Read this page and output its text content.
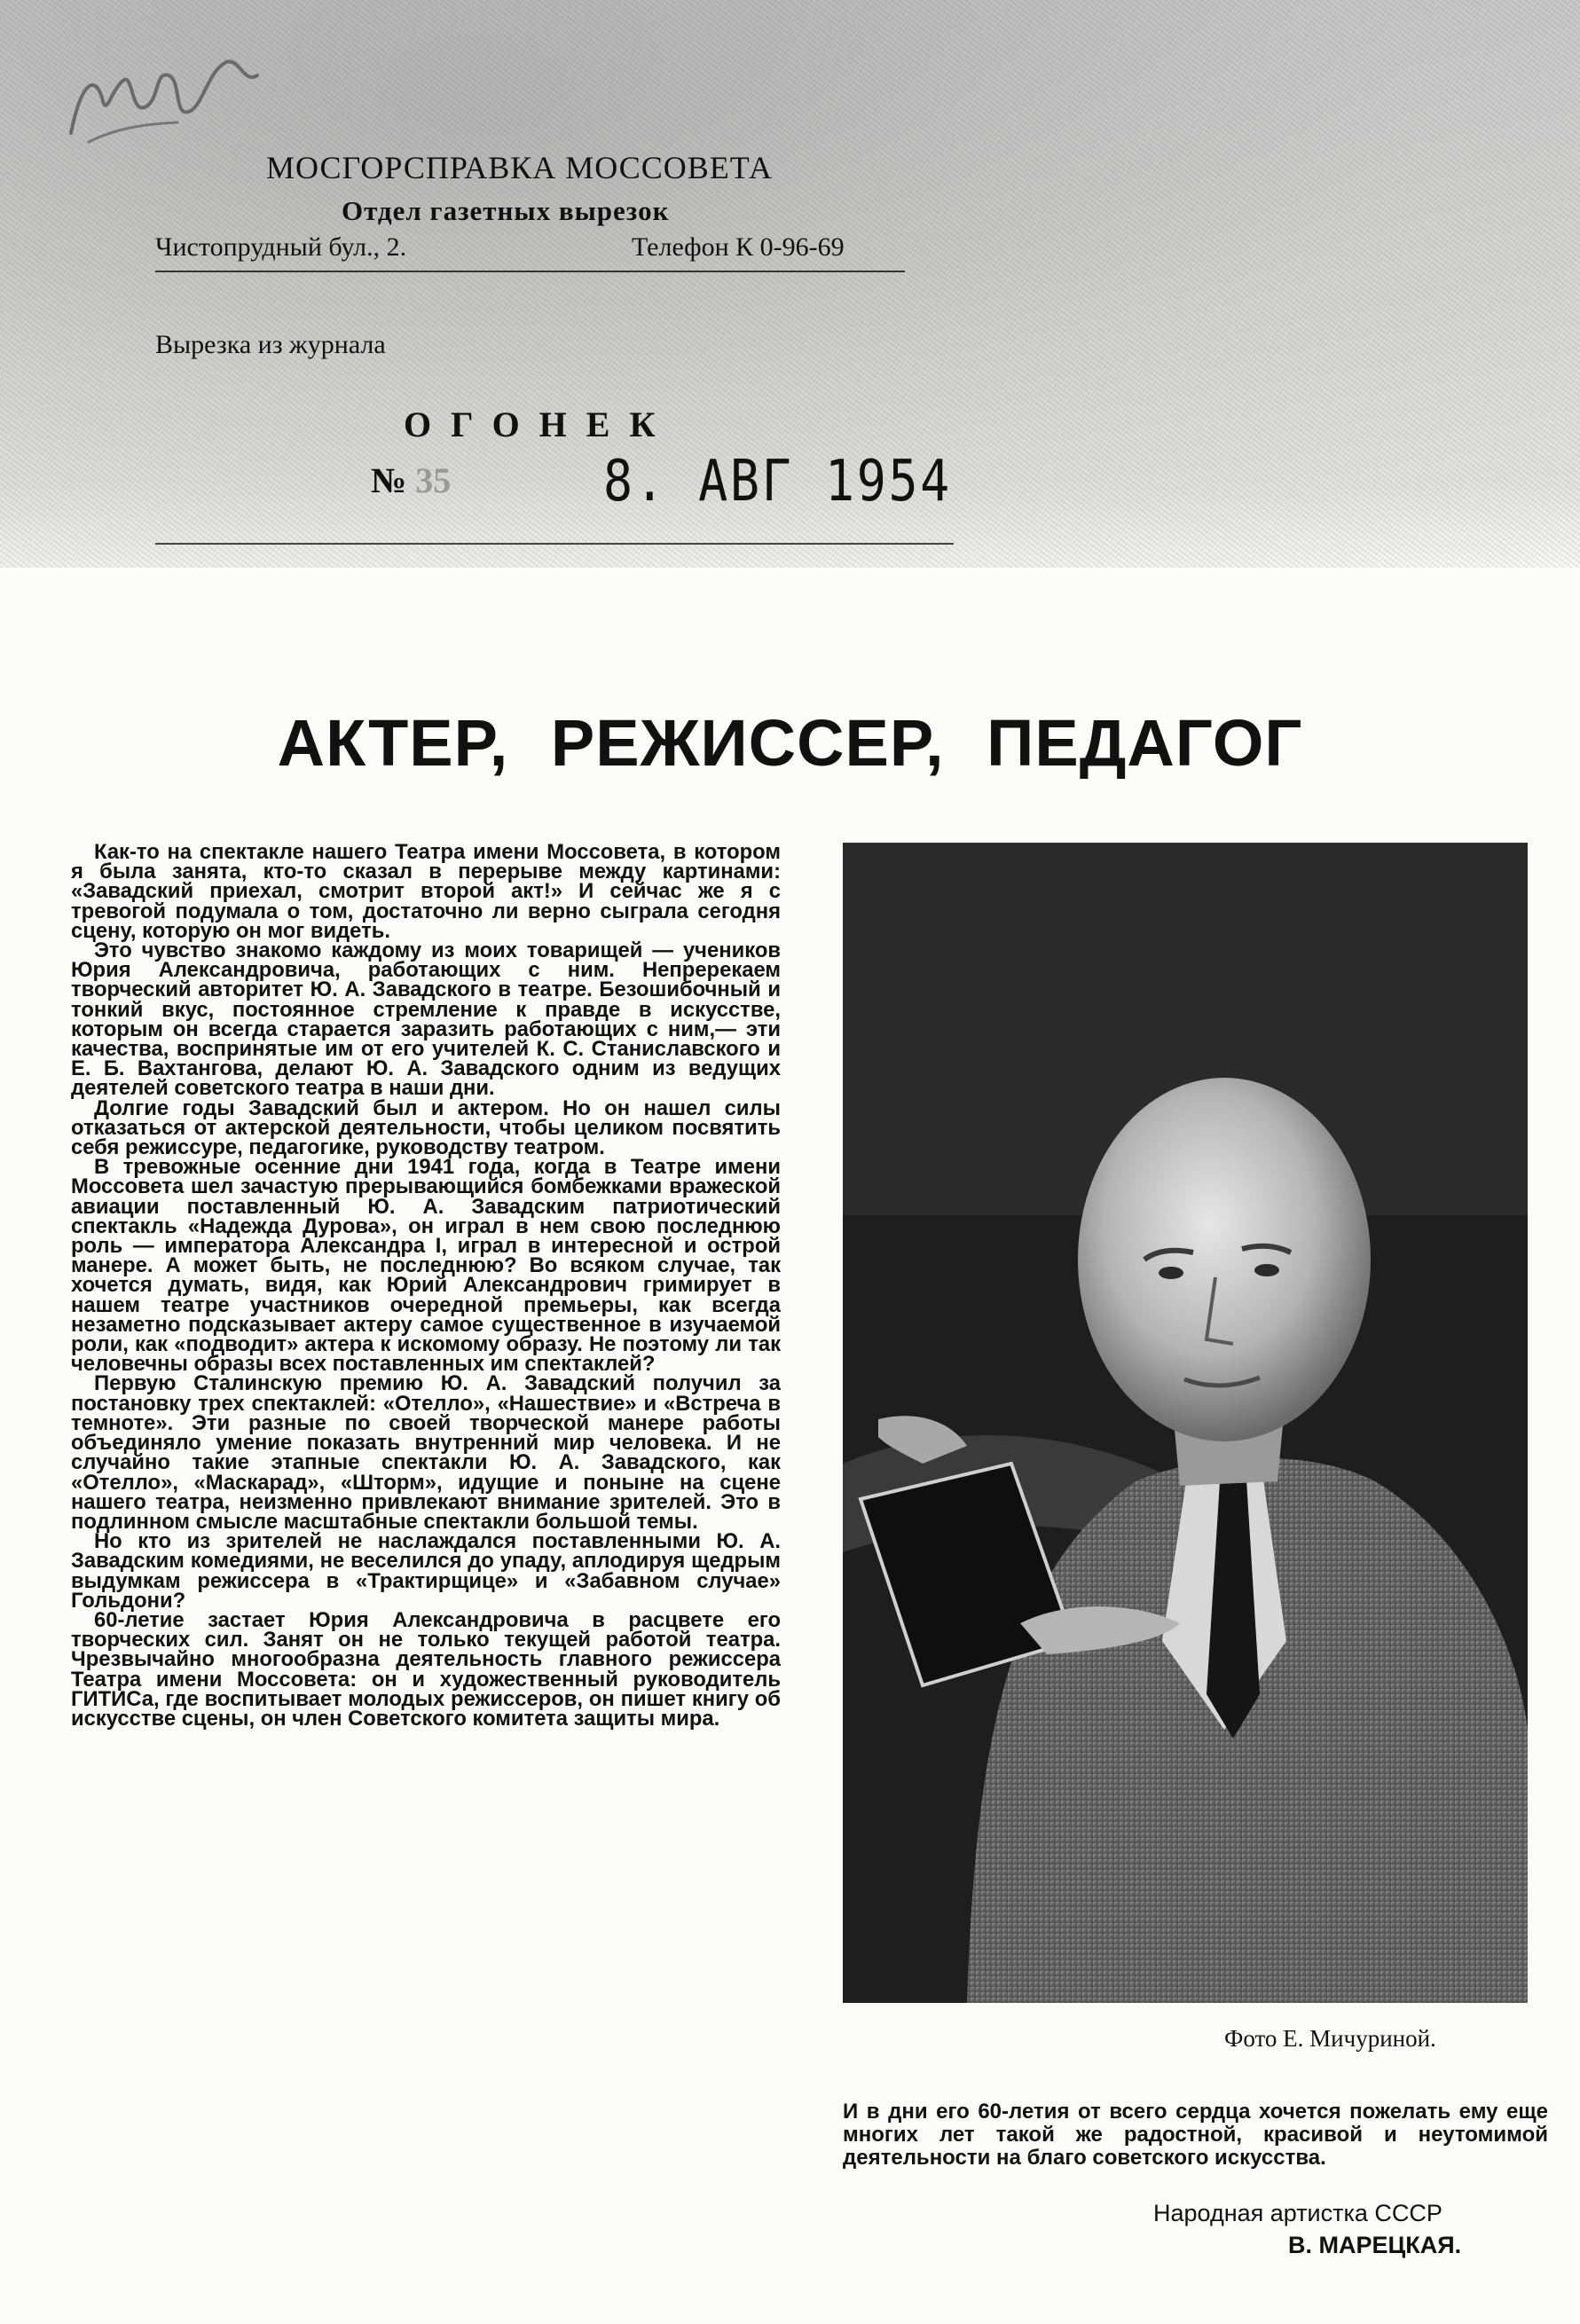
МОСГОРСПРАВКА МОССОВЕТА
Отдел газетных вырезок
Чистопрудный бул., 2.	Телефон К 0-96-69
Вырезка из журнала
ОГОНЕК
№ 35	8. АВГ 1954
АКТЕР, РЕЖИССЕР, ПЕДАГОГ

Как-то на спектакле нашего Театра имени Моссовета, в котором я была занята, кто-то сказал в перерыве между картинами: «Завадский приехал, смотрит второй акт!» И сейчас же я с тревогой подумала о том, достаточно ли верно сыграла сегодня сцену, которую он мог видеть.

Это чувство знакомо каждому из моих товарищей — учеников Юрия Александровича, работающих с ним. Непререкаем творческий авторитет Ю. А. Завадского в театре. Безошибочный и тонкий вкус, постоянное стремление к правде в искусстве, которым он всегда старается заразить работающих с ним,— эти качества, воспринятые им от его учителей К. С. Станиславского и Е. Б. Вахтангова, делают Ю. А. Завадского одним из ведущих деятелей советского театра в наши дни.

Долгие годы Завадский был и актером. Но он нашел силы отказаться от актерской деятельности, чтобы целиком посвятить себя режиссуре, педагогике, руководству театром.

В тревожные осенние дни 1941 года, когда в Театре имени Моссовета шел зачастую прерывающийся бомбежками вражеской авиации поставленный Ю. А. Завадским патриотический спектакль «Надежда Дурова», он играл в нем свою последнюю роль — императора Александра I, играл в интересной и острой манере. А может быть, не последнюю? Во всяком случае, так хочется думать, видя, как Юрий Александрович гримирует в нашем театре участников очередной премьеры, как всегда незаметно подсказывает актеру самое существенное в изучаемой роли, как «подводит» актера к искомому образу. Не поэтому ли так человечны образы всех поставленных им спектаклей?

Первую Сталинскую премию Ю. А. Завадский получил за постановку трех спектаклей: «Отелло», «Нашествие» и «Встреча в темноте». Эти разные по своей творческой манере работы объединяло умение показать внутренний мир человека. И не случайно такие этапные спектакли Ю. А. Завадского, как «Отелло», «Маскарад», «Шторм», идущие и поныне на сцене нашего театра, неизменно привлекают внимание зрителей. Это в подлинном смысле масштабные спектакли большой темы.

Но кто из зрителей не наслаждался поставленными Ю. А. Завадским комедиями, не веселился до упаду, аплодируя щедрым выдумкам режиссера в «Трактирщице» и «Забавном случае» Гольдони?

60-летие застает Юрия Александровича в расцвете его творческих сил. Занят он не только текущей работой театра. Чрезвычайно многообразна деятельность главного режиссера Театра имени Моссовета: он и художественный руководитель ГИТИСа, где воспитывает молодых режиссеров, он пишет книгу об искусстве сцены, он член Советского комитета защиты мира.

Фото Е. Мичуриной.
И в дни его 60-летия от всего сердца хочется пожелать ему еще многих лет такой же радостной, красивой и неутомимой деятельности на благо советского искусства.
Народная артистка СССР
В. МАРЕЦКАЯ.
